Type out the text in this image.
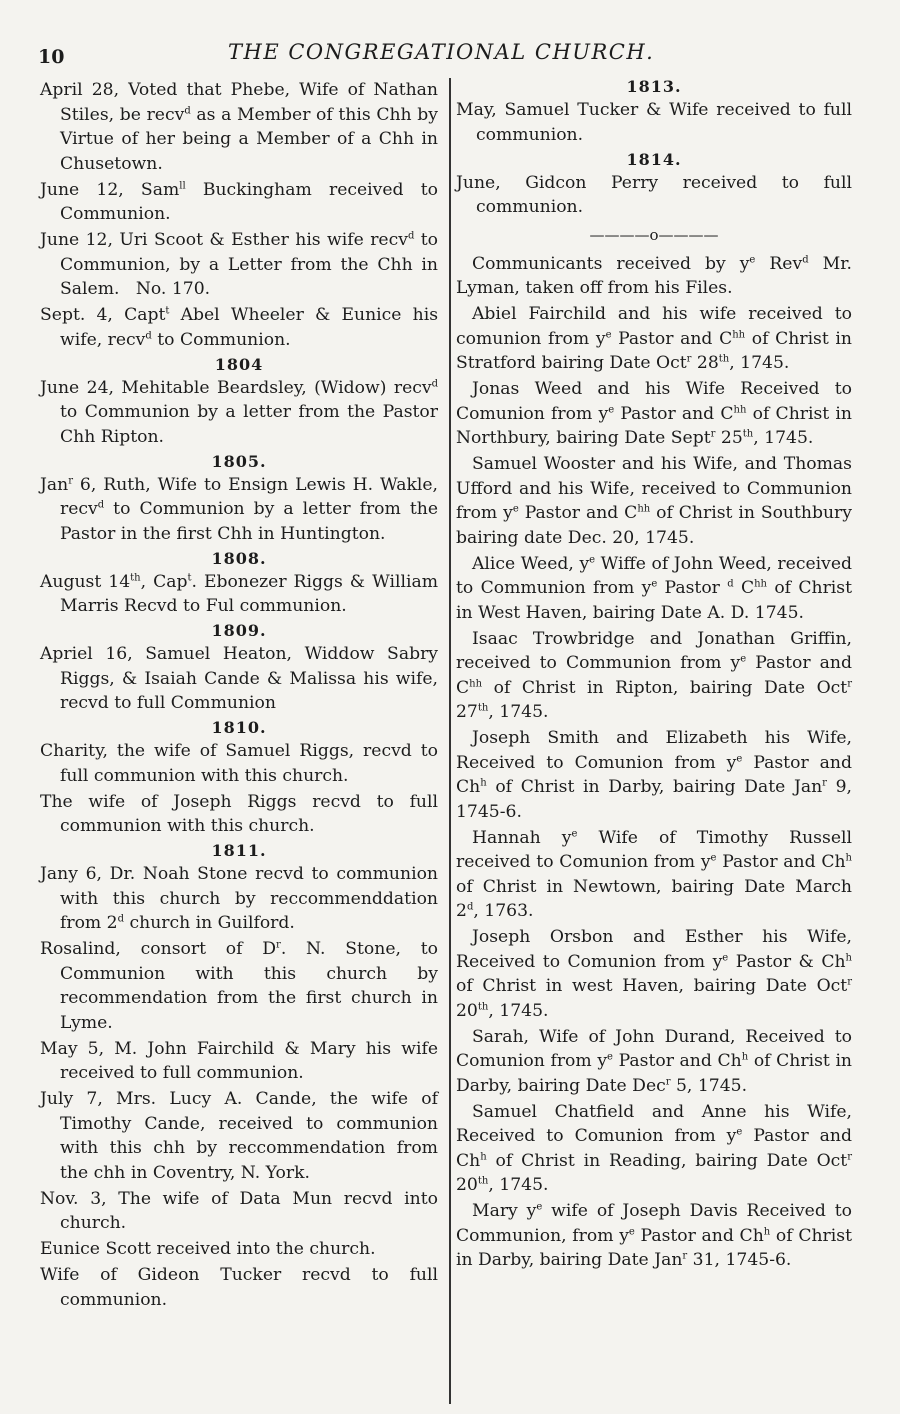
10	THE CONGREGATIONAL CHURCH.

April 28, Voted that Phebe, Wife of Nathan Stiles, be recv$^d$ as a Member of this Chh by Virtue of her being a Member of a Chh in Chusetown.

June 12, Sam$^{ll}$ Buckingham received to Communion.

June 12, Uri Scoot & Esther his wife recv$^d$ to Communion, by a Letter from the Chh in Salem.   No. 170.

Sept. 4, Capt$^t$ Abel Wheeler & Eunice his wife, recv$^d$ to Communion.

1804

June 24, Mehitable Beardsley, (Widow) recv$^d$ to Communion by a letter from the Pastor Chh Ripton.

1805.

Jan$^r$ 6, Ruth, Wife to Ensign Lewis H. Wakle, recv$^d$ to Communion by a letter from the Pastor in the first Chh in Huntington.

1808.

August 14th, Cap$^t$. Ebonezer Riggs & William Marris Recvd to Ful communion.

1809.

Apriel 16, Samuel Heaton, Widdow Sabry Riggs, & Isaiah Cande & Malissa his wife, recvd to full Communion

1810.

Charity, the wife of Samuel Riggs, recvd to full communion with this church.

The wife of Joseph Riggs recvd to full communion with this church.

1811.

Jany 6, Dr. Noah Stone recvd to communion with this church by reccommenddation from 2$^d$ church in Guilford.

Rosalind, consort of $D^r$. N. Stone, to Communion with this church by recommendation from the first church in Lyme.

May 5, M. John Fairchild & Mary his wife received to full communion.

July 7, Mrs. Lucy A. Cande, the wife of Timothy Cande, received to communion with this chh by reccommendation from the chh in Coventry, N. York.

Nov. 3, The wife of Data Mun recvd into church.

Eunice Scott received into the church.

Wife of Gideon Tucker recvd to full communion.

1813.

May, Samuel Tucker & Wife received to full communion.

1814.

June, Gidcon Perry received to full communion.

————o————

Communicants received by $y^e$ Rev$^d$ Mr. Lyman, taken off from his Files.

Abiel Fairchild and his wife received to comunion from $y^e$ Pastor and $C^{hh}$ of Christ in Stratford bairing Date Oct$^r$ 28th, 1745.

Jonas Weed and his Wife Received to Comunion from $y^e$ Pastor and $C^{hh}$ of Christ in Northbury, bairing Date Sept$^r$ 25th, 1745.

Samuel Wooster and his Wife, and Thomas Ufford and his Wife, received to Communion from $y^e$ Pastor and $C^{hh}$ of Christ in Southbury bairing date Dec. 20, 1745.

Alice Weed, $y^e$ Wiffe of John Weed, received to Communion from $y^e$ Pastor $^d$ $C^{hh}$ of Christ in West Haven, bairing Date A. D. 1745.

Isaac Trowbridge and Jonathan Griffin, received to Communion from $y^e$ Pastor and $C^{hh}$ of Christ in Ripton, bairing Date Oct$^r$ 27th, 1745.

Joseph Smith and Elizabeth his Wife, Received to Comunion from $y^e$ Pastor and Ch$^h$ of Christ in Darby, bairing Date Jan$^r$ 9, 1745-6.

Hannah $y^e$ Wife of Timothy Russell received to Comunion from $y^e$ Pastor and Ch$^h$ of Christ in Newtown, bairing Date March 2$^d$, 1763.

Joseph Orsbon and Esther his Wife, Received to Comunion from $y^e$ Pastor & Ch$^h$ of Christ in west Haven, bairing Date Oct$^r$ 20th, 1745.

Sarah, Wife of John Durand, Received to Comunion from $y^e$ Pastor and Ch$^h$ of Christ in Darby, bairing Date Dec$^r$ 5, 1745.

Samuel Chatfield and Anne his Wife, Received to Comunion from $y^e$ Pastor and Ch$^h$ of Christ in Reading, bairing Date Oct$^r$ 20th, 1745.

Mary $y^e$ wife of Joseph Davis Received to Communion, from $y^e$ Pastor and Ch$^h$ of Christ in Darby, bairing Date Jan$^r$ 31, 1745-6.
